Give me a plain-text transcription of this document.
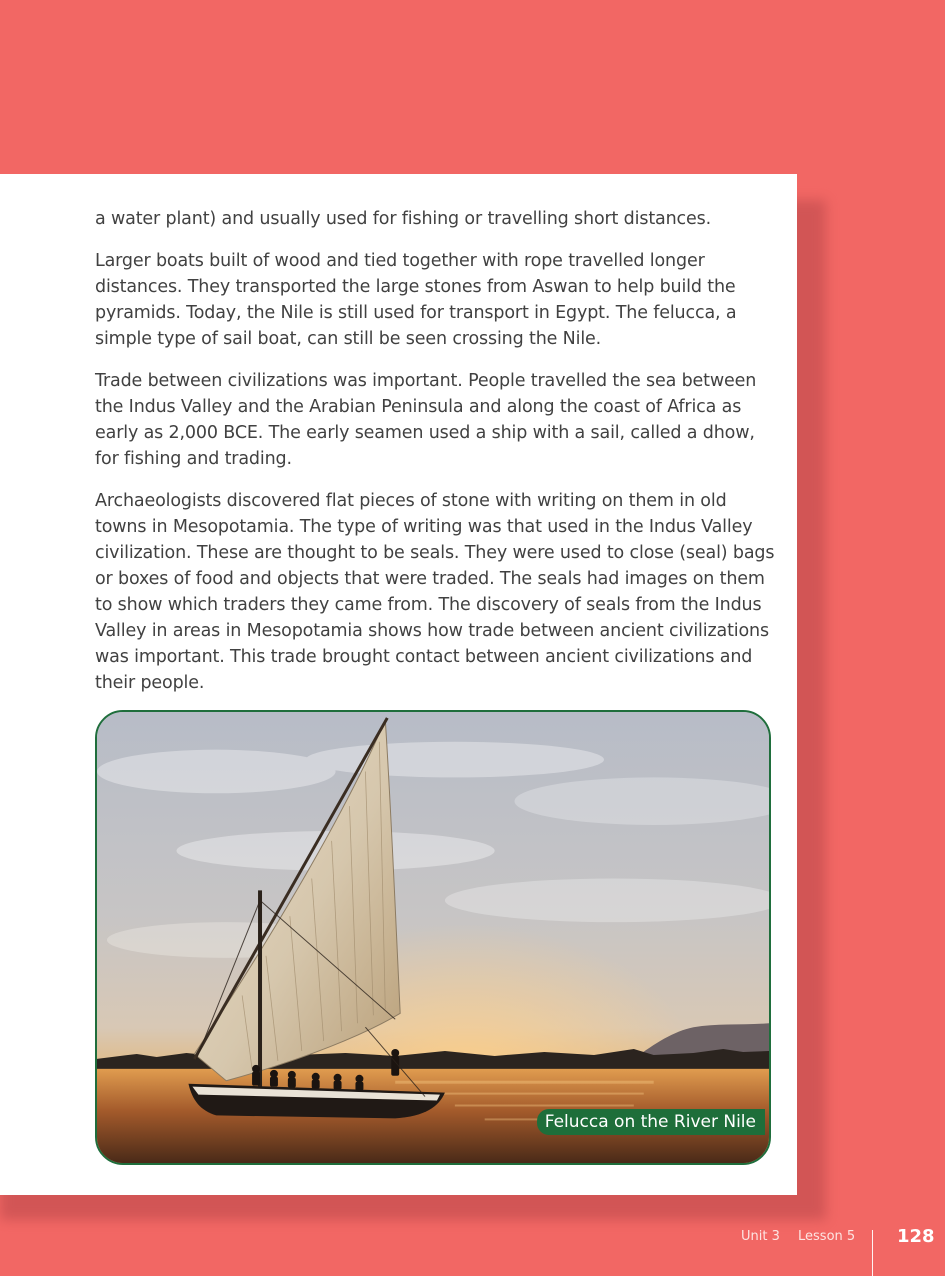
a water plant) and usually used for fishing or travelling short distances.

Larger boats built of wood and tied together with rope travelled longer distances. They transported the large stones from Aswan to help build the pyramids. Today, the Nile is still used for transport in Egypt. The felucca, a simple type of sail boat, can still be seen crossing the Nile.

Trade between civilizations was important. People travelled the sea between the Indus Valley and the Arabian Peninsula and along the coast of Africa as early as 2,000 BCE. The early seamen used a ship with a sail, called a dhow, for fishing and trading.

Archaeologists discovered flat pieces of stone with writing on them in old towns in Mesopotamia. The type of writing was that used in the Indus Valley civilization. These are thought to be seals. They were used to close (seal) bags or boxes of food and objects that were traded. The seals had images on them to show which traders they came from. The discovery of seals from the Indus Valley in areas in Mesopotamia shows how trade between ancient civilizations was important. This trade brought contact between ancient civilizations and their people.

Felucca on the River Nile
Unit 3 Lesson 5 128
